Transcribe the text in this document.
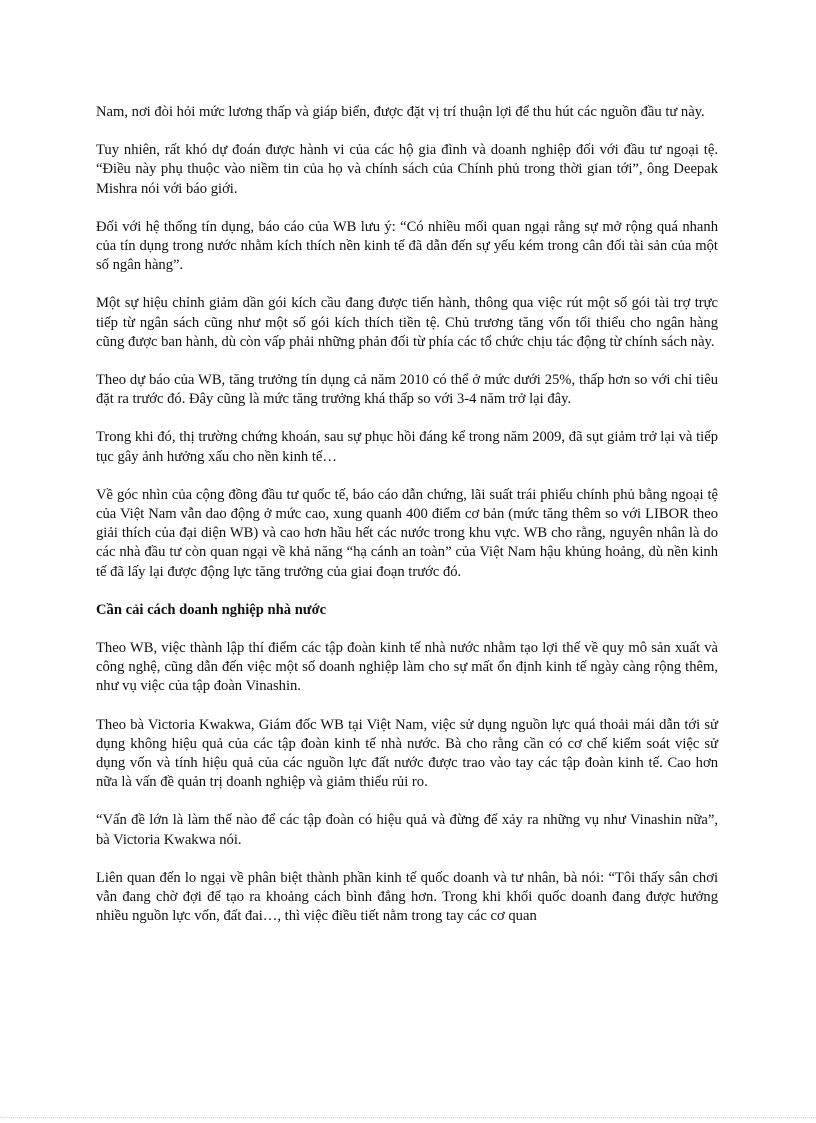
Nam, nơi đòi hỏi mức lương thấp và giáp biển, được đặt vị trí thuận lợi để thu hút các nguồn đầu tư này.

Tuy nhiên, rất khó dự đoán được hành vi của các hộ gia đình và doanh nghiệp đối với đầu tư ngoại tệ. “Điều này phụ thuộc vào niềm tin của họ và chính sách của Chính phủ trong thời gian tới”, ông Deepak Mishra nói với báo giới.

Đối với hệ thống tín dụng, báo cáo của WB lưu ý: “Có nhiều mối quan ngại rằng sự mở rộng quá nhanh của tín dụng trong nước nhằm kích thích nền kinh tế đã dẫn đến sự yếu kém trong cân đối tài sản của một số ngân hàng”.

Một sự hiệu chỉnh giảm dần gói kích cầu đang được tiến hành, thông qua việc rút một số gói tài trợ trực tiếp từ ngân sách cũng như một số gói kích thích tiền tệ. Chủ trương tăng vốn tối thiểu cho ngân hàng cũng được ban hành, dù còn vấp phải những phản đối từ phía các tổ chức chịu tác động từ chính sách này.

Theo dự báo của WB, tăng trưởng tín dụng cả năm 2010 có thể ở mức dưới 25%, thấp hơn so với chỉ tiêu đặt ra trước đó. Đây cũng là mức tăng trưởng khá thấp so với 3-4 năm trở lại đây.

Trong khi đó, thị trường chứng khoán, sau sự phục hồi đáng kể trong năm 2009, đã sụt giảm trở lại và tiếp tục gây ảnh hưởng xấu cho nền kinh tế…

Về góc nhìn của cộng đồng đầu tư quốc tế, báo cáo dẫn chứng, lãi suất trái phiếu chính phủ bằng ngoại tệ của Việt Nam vẫn dao động ở mức cao, xung quanh 400 điểm cơ bản (mức tăng thêm so với LIBOR theo giải thích của đại diện WB) và cao hơn hầu hết các nước trong khu vực. WB cho rằng, nguyên nhân là do các nhà đầu tư còn quan ngại về khả năng “hạ cánh an toàn” của Việt Nam hậu khủng hoảng, dù nền kinh tế đã lấy lại được động lực tăng trưởng của giai đoạn trước đó.

Cần cải cách doanh nghiệp nhà nước

Theo WB, việc thành lập thí điểm các tập đoàn kinh tế nhà nước nhằm tạo lợi thế về quy mô sản xuất và công nghệ, cũng dẫn đến việc một số doanh nghiệp làm cho sự mất ổn định kinh tế ngày càng rộng thêm, như vụ việc của tập đoàn Vinashin.

Theo bà Victoria Kwakwa, Giám đốc WB tại Việt Nam, việc sử dụng nguồn lực quá thoải mái dẫn tới sử dụng không hiệu quả của các tập đoàn kinh tế nhà nước. Bà cho rằng cần có cơ chế kiểm soát việc sử dụng vốn và tính hiệu quả của các nguồn lực đất nước được trao vào tay các tập đoàn kinh tế. Cao hơn nữa là vấn đề quản trị doanh nghiệp và giảm thiểu rủi ro.

“Vấn đề lớn là làm thế nào để các tập đoàn có hiệu quả và đừng để xảy ra những vụ như Vinashin nữa”, bà Victoria Kwakwa nói.

Liên quan đến lo ngại về phân biệt thành phần kinh tế quốc doanh và tư nhân, bà nói: “Tôi thấy sân chơi vẫn đang chờ đợi để tạo ra khoảng cách bình đẳng hơn. Trong khi khối quốc doanh đang được hưởng nhiều nguồn lực vốn, đất đai…, thì việc điều tiết nằm trong tay các cơ quan
